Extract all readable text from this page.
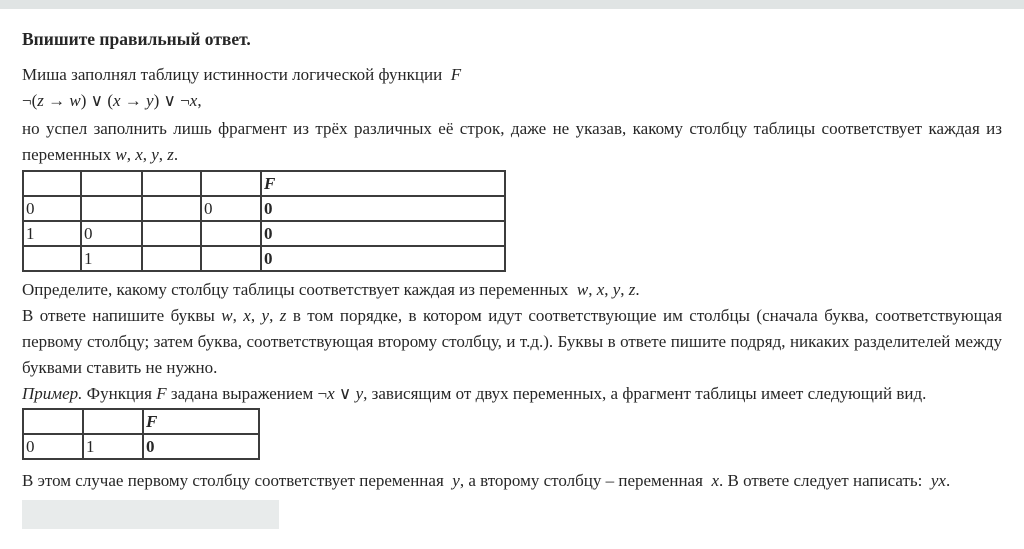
Впишите правильный ответ.

Миша заполнял таблицу истинности логической функции  F

¬(z → w) ∨ (x → y) ∨ ¬x,

но успел заполнить лишь фрагмент из трёх различных её строк, даже не указав, какому столбцу таблицы соответствует каждая из переменных w, x, y, z.

				F
0			0	0
1	0			0
	1			0

Определите, какому столбцу таблицы соответствует каждая из переменных  w, x, y, z.

В ответе напишите буквы w, x, y, z в том порядке, в котором идут соответствующие им столбцы (сначала буква, соответствующая первому столбцу; затем буква, соответствующая второму столбцу, и т.д.). Буквы в ответе пишите подряд, никаких разделителей между буквами ставить не нужно.

Пример. Функция F задана выражением ¬x ∨ y, зависящим от двух переменных, а фрагмент таблицы имеет следующий вид.

		F
0	1	0

В этом случае первому столбцу соответствует переменная  y, а второму столбцу – переменная  x. В ответе следует написать:  yx.
